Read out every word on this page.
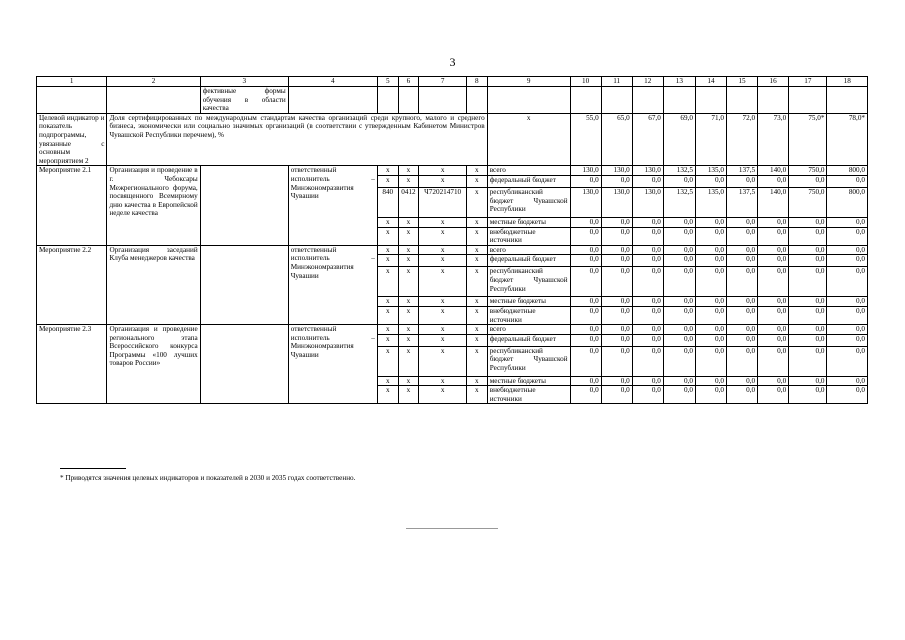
3
1	2	3	4	5	6	7	8	9	10	11	12	13	14	15	16	17	18
		фективные формы обучения в области качества															
Целевой индикатор и показатель подпрограммы, увязанные с основным мероприятием 2	Доля сертифицированных по международным стандартам качества организаций среди крупного, малого и среднего бизнеса, экономически или социально значимых организаций (в соответствии с утвержденным Кабинетом Министров Чувашской Республики перечнем), %							x	55,0	65,0	67,0	69,0	71,0	72,0	73,0	75,0*	78,0*
Мероприятие 2.1	Организация и проведение в г. Чебоксары Межрегионального форума, посвященного Всемирному дню качества в Европейской неделе качества		ответственный исполнитель – Минэкономразвития Чувашии	x	x	x	x	всего	130,0	130,0	130,0	132,5	135,0	137,5	140,0	750,0	800,0
				x	x	x	x	федеральный бюджет	0,0	0,0	0,0	0,0	0,0	0,0	0,0	0,0	0,0
				840	0412	Ч720214710	x	республиканский бюджет Чувашской Республики	130,0	130,0	130,0	132,5	135,0	137,5	140,0	750,0	800,0
				x	x	x	x	местные бюджеты	0,0	0,0	0,0	0,0	0,0	0,0	0,0	0,0	0,0
				x	x	x	x	внебюджетные источники	0,0	0,0	0,0	0,0	0,0	0,0	0,0	0,0	0,0
Мероприятие 2.2	Организация заседаний Клуба менеджеров качества		ответственный исполнитель – Минэкономразвития Чувашии	x	x	x	x	всего	0,0	0,0	0,0	0,0	0,0	0,0	0,0	0,0	0,0
				x	x	x	x	федеральный бюджет	0,0	0,0	0,0	0,0	0,0	0,0	0,0	0,0	0,0
				x	x	x	x	республиканский бюджет Чувашской Республики	0,0	0,0	0,0	0,0	0,0	0,0	0,0	0,0	0,0
				x	x	x	x	местные бюджеты	0,0	0,0	0,0	0,0	0,0	0,0	0,0	0,0	0,0
				x	x	x	x	внебюджетные источники	0,0	0,0	0,0	0,0	0,0	0,0	0,0	0,0	0,0
Мероприятие 2.3	Организация и проведение регионального этапа Всероссийского конкурса Программы «100 лучших товаров России»		ответственный исполнитель – Минэкономразвития Чувашии	x	x	x	x	всего	0,0	0,0	0,0	0,0	0,0	0,0	0,0	0,0	0,0
				x	x	x	x	федеральный бюджет	0,0	0,0	0,0	0,0	0,0	0,0	0,0	0,0	0,0
				x	x	x	x	республиканский бюджет Чувашской Республики	0,0	0,0	0,0	0,0	0,0	0,0	0,0	0,0	0,0
				x	x	x	x	местные бюджеты	0,0	0,0	0,0	0,0	0,0	0,0	0,0	0,0	0,0
				x	x	x	x	внебюджетные источники	0,0	0,0	0,0	0,0	0,0	0,0	0,0	0,0	0,0
* Приводятся значения целевых индикаторов и показателей в 2030 и 2035 годах соответственно.
